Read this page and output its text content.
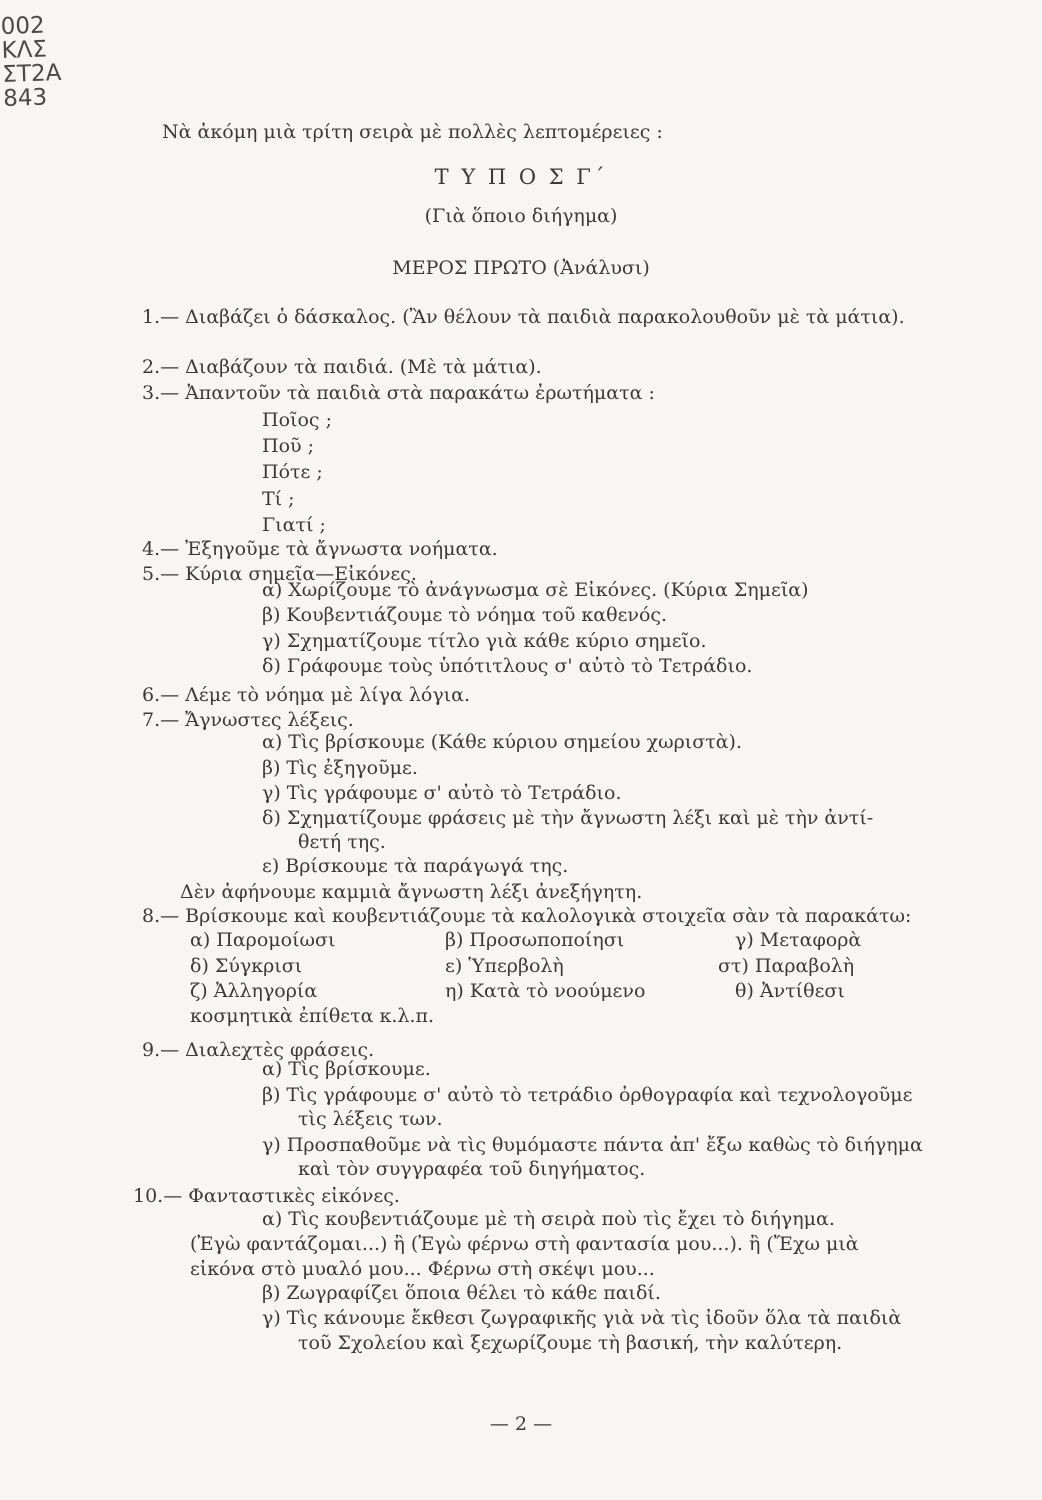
002
ΚΛΣ
ΣΤ2Α
843
Νὰ ἀκόμη μιὰ τρίτη σειρὰ μὲ πολλὲς λεπτομέρειες :
Τ Υ Π Ο Σ Γ΄
(Γιὰ ὅποιο διήγημα)
ΜΕΡΟΣ ΠΡΩΤΟ (Ἀνάλυσι)
1.— Διαβάζει ὁ δάσκαλος. (Ἂν θέλουν τὰ παιδιὰ παρακολουθοῦν μὲ τὰ μάτια).
2.— Διαβάζουν τὰ παιδιά. (Μὲ τὰ μάτια).
3.— Ἀπαντοῦν τὰ παιδιὰ στὰ παρακάτω ἐρωτήματα :
Ποῖος ;
Ποῦ ;
Πότε ;
Τί ;
Γιατί ;
4.— Ἐξηγοῦμε τὰ ἄγνωστα νοήματα.
5.— Κύρια σημεῖα—Εἰκόνες.
α) Χωρίζουμε τὸ ἀνάγνωσμα σὲ Εἰκόνες. (Κύρια Σημεῖα)
β) Κουβεντιάζουμε τὸ νόημα τοῦ καθενός.
γ) Σχηματίζουμε τίτλο γιὰ κάθε κύριο σημεῖο.
δ) Γράφουμε τοὺς ὑπότιτλους σ' αὐτὸ τὸ Τετράδιο.
6.— Λέμε τὸ νόημα μὲ λίγα λόγια.
7.— Ἄγνωστες λέξεις.
α) Τὶς βρίσκουμε (Κάθε κύριου σημείου χωριστὰ).
β) Τὶς ἐξηγοῦμε.
γ) Τὶς γράφουμε σ' αὐτὸ τὸ Τετράδιο.
δ) Σχηματίζουμε φράσεις μὲ τὴν ἄγνωστη λέξι καὶ μὲ τὴν ἀντί-
θετή της.
ε) Βρίσκουμε τὰ παράγωγά της.
Δὲν ἀφήνουμε καμμιὰ ἄγνωστη λέξι ἀνεξήγητη.
8.— Βρίσκουμε καὶ κουβεντιάζουμε τὰ καλολογικὰ στοιχεῖα σὰν τὰ παρακάτω:
α) Παρομοίωσι	β) Προσωποποίησι	γ) Μεταφορὰ
δ) Σύγκρισι	ε) Ὑπερβολὴ	στ) Παραβολὴ
ζ) Ἀλληγορία	η) Κατὰ τὸ νοούμενο	θ) Ἀντίθεσι
κοσμητικὰ ἐπίθετα κ.λ.π.
9.— Διαλεχτὲς φράσεις.
α) Τὶς βρίσκουμε.
β) Τὶς γράφουμε σ' αὐτὸ τὸ τετράδιο ὀρθογραφία καὶ τεχνολογοῦμε
τὶς λέξεις των.
γ) Προσπαθοῦμε νὰ τὶς θυμόμαστε πάντα ἀπ' ἔξω καθὼς τὸ διήγημα
καὶ τὸν συγγραφέα τοῦ διηγήματος.
10.— Φανταστικὲς εἰκόνες.
α) Τὶς κουβεντιάζουμε μὲ τὴ σειρὰ ποὺ τὶς ἔχει τὸ διήγημα.
(Ἐγὼ φαντάζομαι...) ἢ (Ἐγὼ φέρνω στὴ φαντασία μου...). ἢ (Ἔχω μιὰ
εἰκόνα στὸ μυαλό μου... Φέρνω στὴ σκέψι μου...
β) Ζωγραφίζει ὅποια θέλει τὸ κάθε παιδί.
γ) Τὶς κάνουμε ἔκθεσι ζωγραφικῆς γιὰ νὰ τὶς ἰδοῦν ὅλα τὰ παιδιὰ
τοῦ Σχολείου καὶ ξεχωρίζουμε τὴ βασική, τὴν καλύτερη.
— 2 —
